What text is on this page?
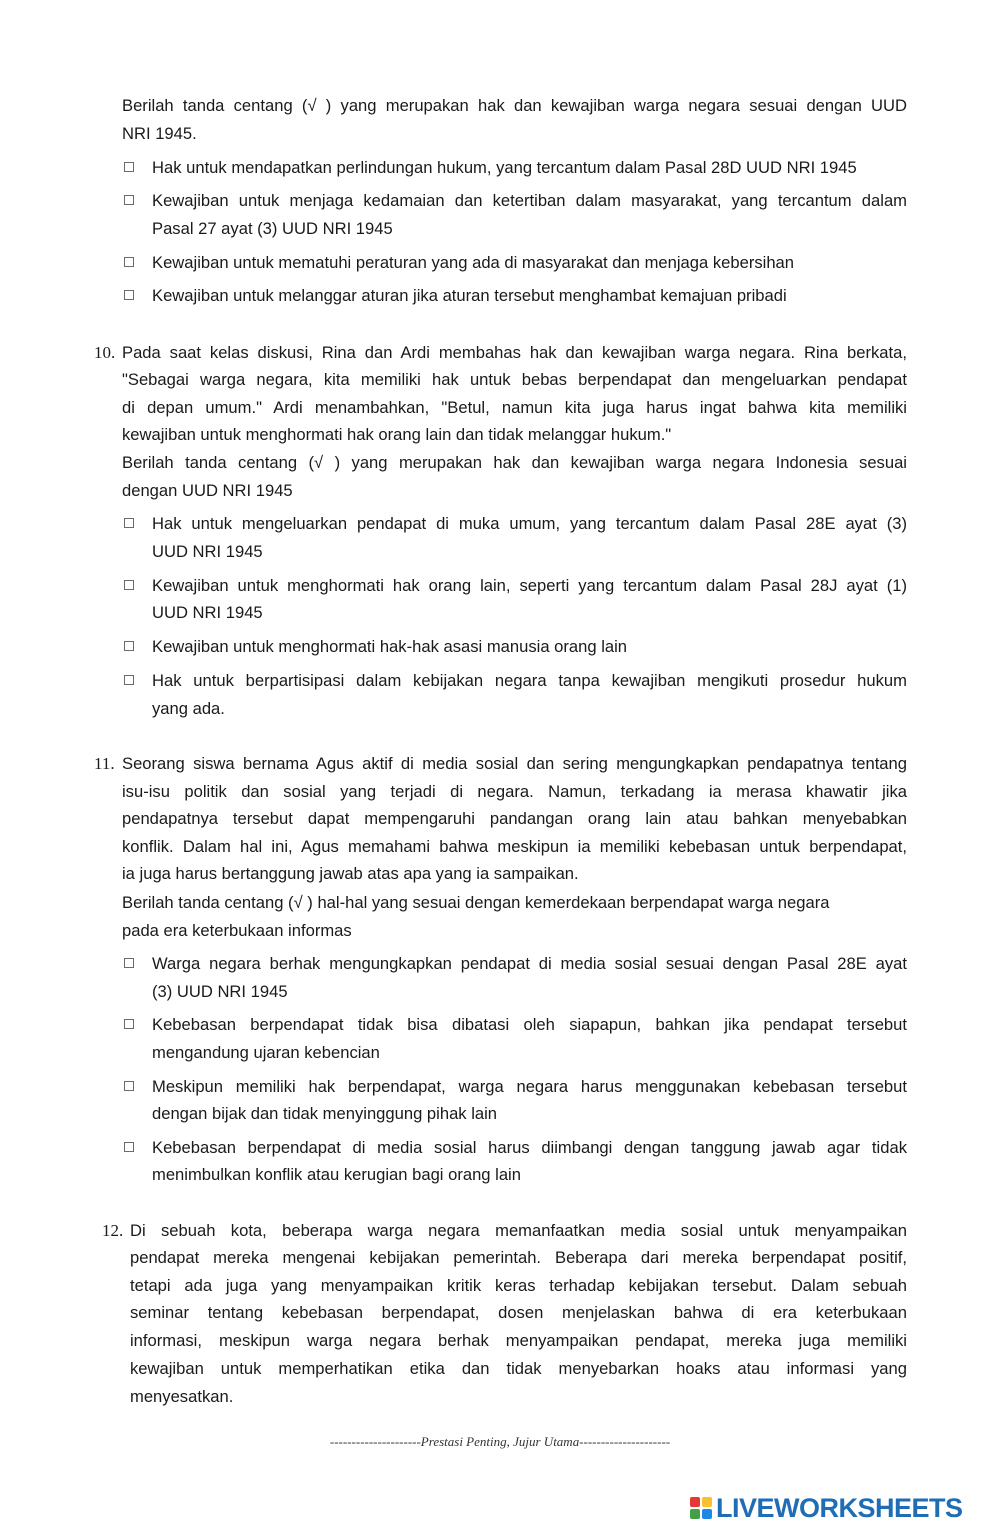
Berilah tanda centang (√ ) yang merupakan hak dan kewajiban warga negara sesuai dengan UUD
NRI 1945.
Hak untuk mendapatkan perlindungan hukum, yang tercantum dalam Pasal 28D UUD NRI 1945
Kewajiban untuk menjaga kedamaian dan ketertiban dalam masyarakat, yang tercantum dalam
Pasal 27 ayat (3) UUD NRI 1945
Kewajiban untuk mematuhi peraturan yang ada di masyarakat dan menjaga kebersihan
Kewajiban untuk melanggar aturan jika aturan tersebut menghambat kemajuan pribadi
10. Pada saat kelas diskusi, Rina dan Ardi membahas hak dan kewajiban warga negara. Rina berkata,
"Sebagai warga negara, kita memiliki hak untuk bebas berpendapat dan mengeluarkan pendapat
di depan umum." Ardi menambahkan, "Betul, namun kita juga harus ingat bahwa kita memiliki
kewajiban untuk menghormati hak orang lain dan tidak melanggar hukum."
Berilah tanda centang (√ ) yang merupakan hak dan kewajiban warga negara Indonesia sesuai
dengan UUD NRI 1945
Hak untuk mengeluarkan pendapat di muka umum, yang tercantum dalam Pasal 28E ayat (3)
UUD NRI 1945
Kewajiban untuk menghormati hak orang lain, seperti yang tercantum dalam Pasal 28J ayat (1)
UUD NRI 1945
Kewajiban untuk menghormati hak-hak asasi manusia orang lain
Hak untuk berpartisipasi dalam kebijakan negara tanpa kewajiban mengikuti prosedur hukum
yang ada.
11. Seorang siswa bernama Agus aktif di media sosial dan sering mengungkapkan pendapatnya tentang
isu-isu politik dan sosial yang terjadi di negara. Namun, terkadang ia merasa khawatir jika
pendapatnya tersebut dapat mempengaruhi pandangan orang lain atau bahkan menyebabkan
konflik. Dalam hal ini, Agus memahami bahwa meskipun ia memiliki kebebasan untuk berpendapat,
ia juga harus bertanggung jawab atas apa yang ia sampaikan.
Berilah tanda centang (√ ) hal-hal yang sesuai dengan kemerdekaan berpendapat warga negara
pada era keterbukaan informas
Warga negara berhak mengungkapkan pendapat di media sosial sesuai dengan Pasal 28E ayat
(3) UUD NRI 1945
Kebebasan berpendapat tidak bisa dibatasi oleh siapapun, bahkan jika pendapat tersebut
mengandung ujaran kebencian
Meskipun memiliki hak berpendapat, warga negara harus menggunakan kebebasan tersebut
dengan bijak dan tidak menyinggung pihak lain
Kebebasan berpendapat di media sosial harus diimbangi dengan tanggung jawab agar tidak
menimbulkan konflik atau kerugian bagi orang lain
12. Di sebuah kota, beberapa warga negara memanfaatkan media sosial untuk menyampaikan
pendapat mereka mengenai kebijakan pemerintah. Beberapa dari mereka berpendapat positif,
tetapi ada juga yang menyampaikan kritik keras terhadap kebijakan tersebut. Dalam sebuah
seminar tentang kebebasan berpendapat, dosen menjelaskan bahwa di era keterbukaan
informasi, meskipun warga negara berhak menyampaikan pendapat, mereka juga memiliki
kewajiban untuk memperhatikan etika dan tidak menyebarkan hoaks atau informasi yang
menyesatkan.
---------------------Prestasi Penting, Jujur Utama---------------------
LIVEWORKSHEETS
